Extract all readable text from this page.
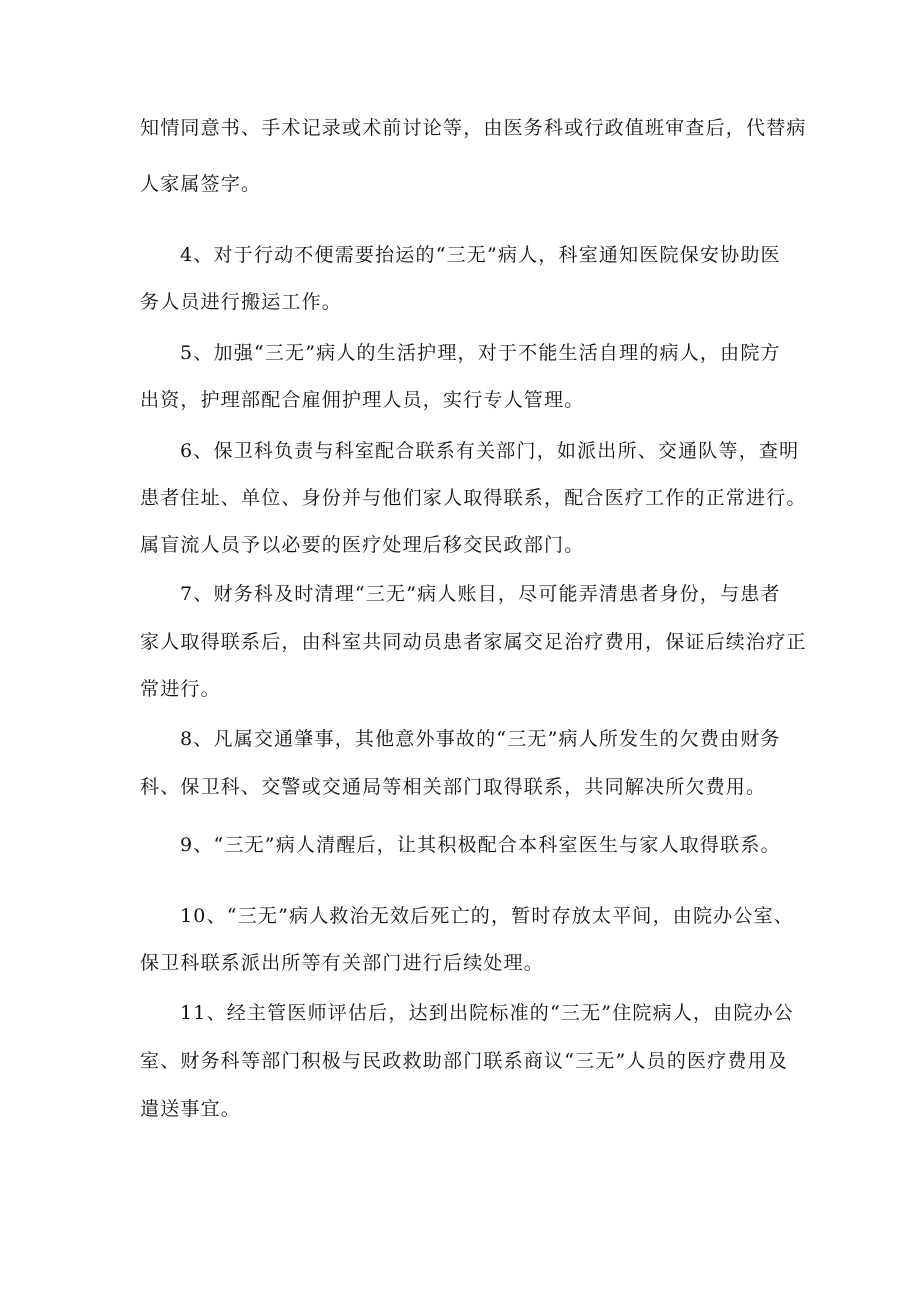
知情同意书、手术记录或术前讨论等，由医务科或行政值班审查后，代替病
人家属签字。
4、对于行动不便需要抬运的“三无”病人，科室通知医院保安协助医
务人员进行搬运工作。
5、加强“三无”病人的生活护理，对于不能生活自理的病人，由院方
出资，护理部配合雇佣护理人员，实行专人管理。
6、保卫科负责与科室配合联系有关部门，如派出所、交通队等，查明
患者住址、单位、身份并与他们家人取得联系，配合医疗工作的正常进行。
属盲流人员予以必要的医疗处理后移交民政部门。
7、财务科及时清理“三无”病人账目，尽可能弄清患者身份，与患者
家人取得联系后，由科室共同动员患者家属交足治疗费用，保证后续治疗正
常进行。
8、凡属交通肇事，其他意外事故的“三无”病人所发生的欠费由财务
科、保卫科、交警或交通局等相关部门取得联系，共同解决所欠费用。
9、“三无”病人清醒后，让其积极配合本科室医生与家人取得联系。
10、“三无”病人救治无效后死亡的，暂时存放太平间，由院办公室、
保卫科联系派出所等有关部门进行后续处理。
11、经主管医师评估后，达到出院标准的“三无”住院病人，由院办公
室、财务科等部门积极与民政救助部门联系商议“三无”人员的医疗费用及
遣送事宜。
